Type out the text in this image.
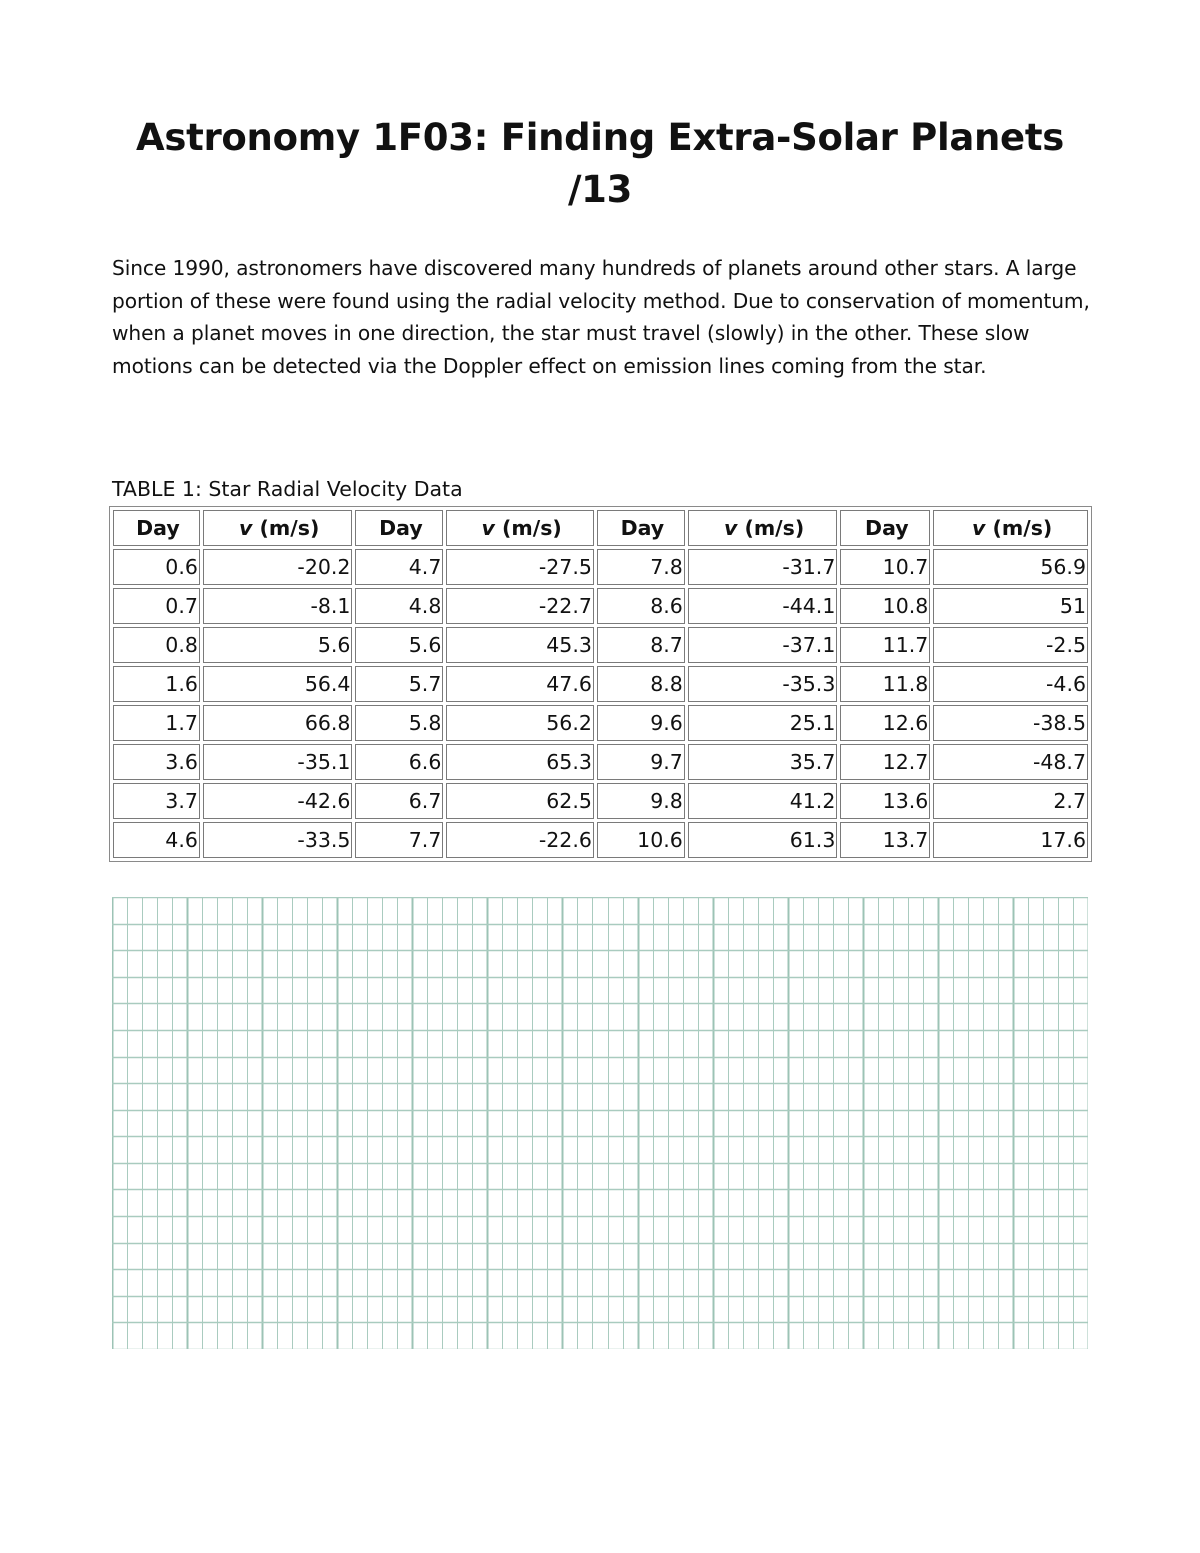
Astronomy 1F03: Finding Extra-Solar Planets
/13

Since 1990, astronomers have discovered many hundreds of planets around other stars. A large portion of these were found using the radial velocity method. Due to conservation of momentum, when a planet moves in one direction, the star must travel (slowly) in the other. These slow motions can be detected via the Doppler effect on emission lines coming from the star.

TABLE 1: Star Radial Velocity Data

Day	v (m/s)	Day	v (m/s)	Day	v (m/s)	Day	v (m/s)
0.6	-20.2	4.7	-27.5	7.8	-31.7	10.7	56.9
0.7	-8.1	4.8	-22.7	8.6	-44.1	10.8	51
0.8	5.6	5.6	45.3	8.7	-37.1	11.7	-2.5
1.6	56.4	5.7	47.6	8.8	-35.3	11.8	-4.6
1.7	66.8	5.8	56.2	9.6	25.1	12.6	-38.5
3.6	-35.1	6.6	65.3	9.7	35.7	12.7	-48.7
3.7	-42.6	6.7	62.5	9.8	41.2	13.6	2.7
4.6	-33.5	7.7	-22.6	10.6	61.3	13.7	17.6
